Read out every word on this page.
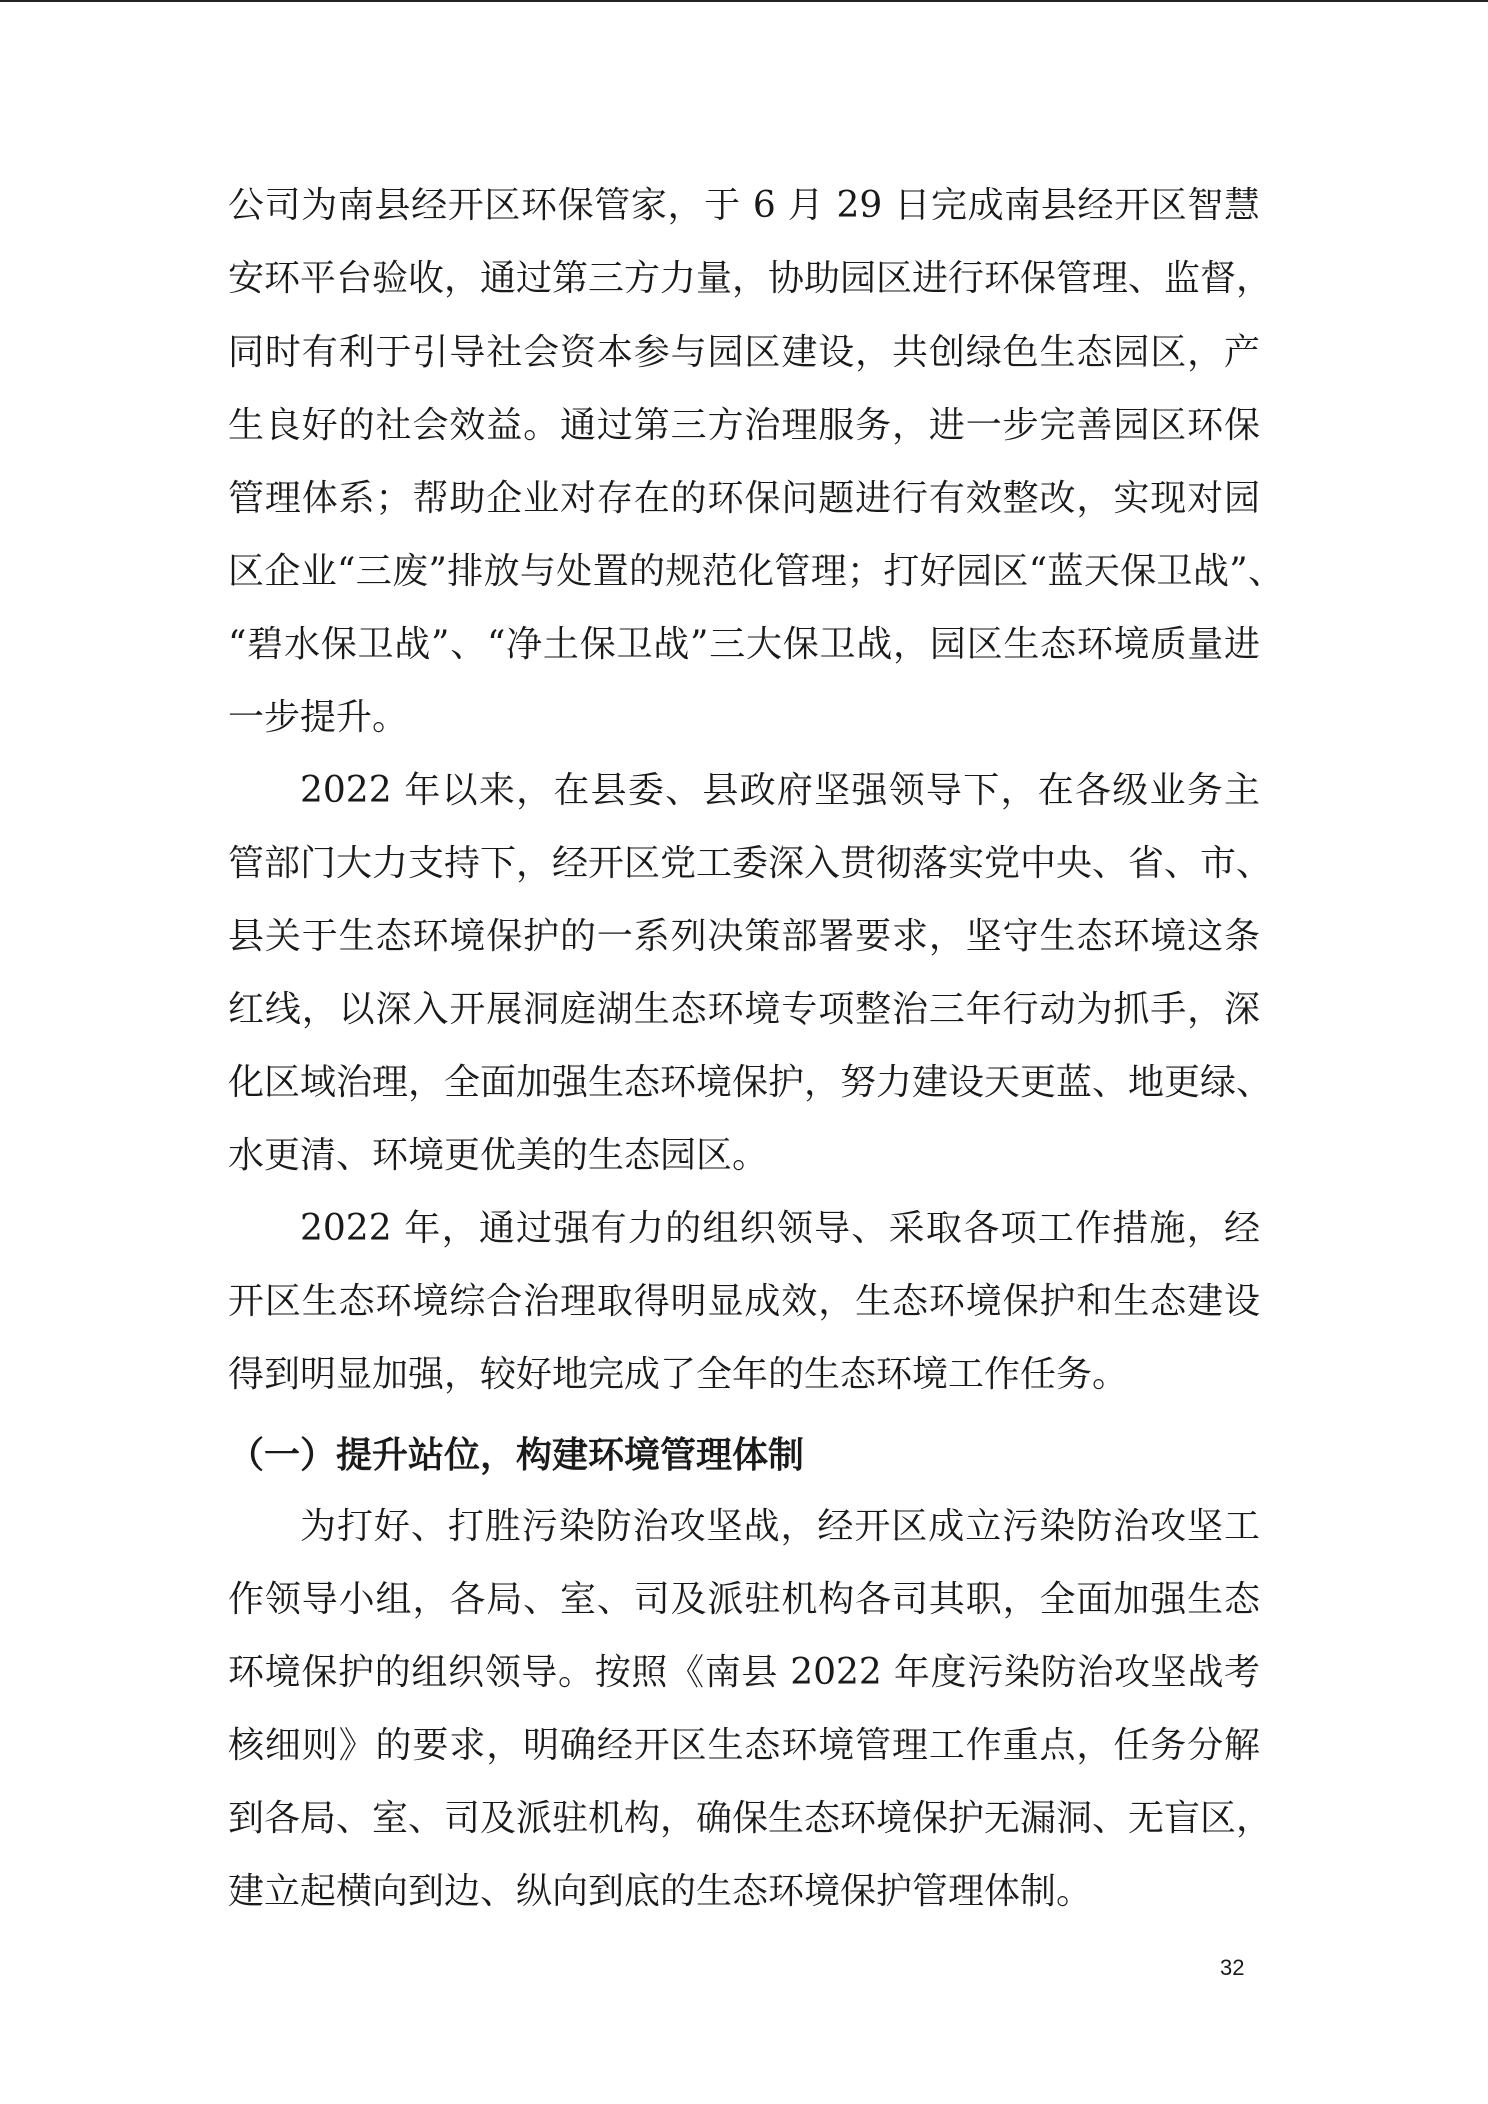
公司为南县经开区环保管家，于 6 月 29 日完成南县经开区智慧
安环平台验收，通过第三方力量，协助园区进行环保管理、监督，
同时有利于引导社会资本参与园区建设，共创绿色生态园区，产
生良好的社会效益。通过第三方治理服务，进一步完善园区环保
管理体系；帮助企业对存在的环保问题进行有效整改，实现对园
区企业“三废”排放与处置的规范化管理；打好园区“蓝天保卫战”、
“碧水保卫战”、“净土保卫战”三大保卫战，园区生态环境质量进
一步提升。
2022 年以来，在县委、县政府坚强领导下，在各级业务主
管部门大力支持下，经开区党工委深入贯彻落实党中央、省、市、
县关于生态环境保护的一系列决策部署要求，坚守生态环境这条
红线，以深入开展洞庭湖生态环境专项整治三年行动为抓手，深
化区域治理，全面加强生态环境保护，努力建设天更蓝、地更绿、
水更清、环境更优美的生态园区。
2022 年，通过强有力的组织领导、采取各项工作措施，经
开区生态环境综合治理取得明显成效，生态环境保护和生态建设
得到明显加强，较好地完成了全年的生态环境工作任务。
（一）提升站位，构建环境管理体制
为打好、打胜污染防治攻坚战，经开区成立污染防治攻坚工
作领导小组，各局、室、司及派驻机构各司其职，全面加强生态
环境保护的组织领导。按照《南县 2022 年度污染防治攻坚战考
核细则》的要求，明确经开区生态环境管理工作重点，任务分解
到各局、室、司及派驻机构，确保生态环境保护无漏洞、无盲区，
建立起横向到边、纵向到底的生态环境保护管理体制。
32
